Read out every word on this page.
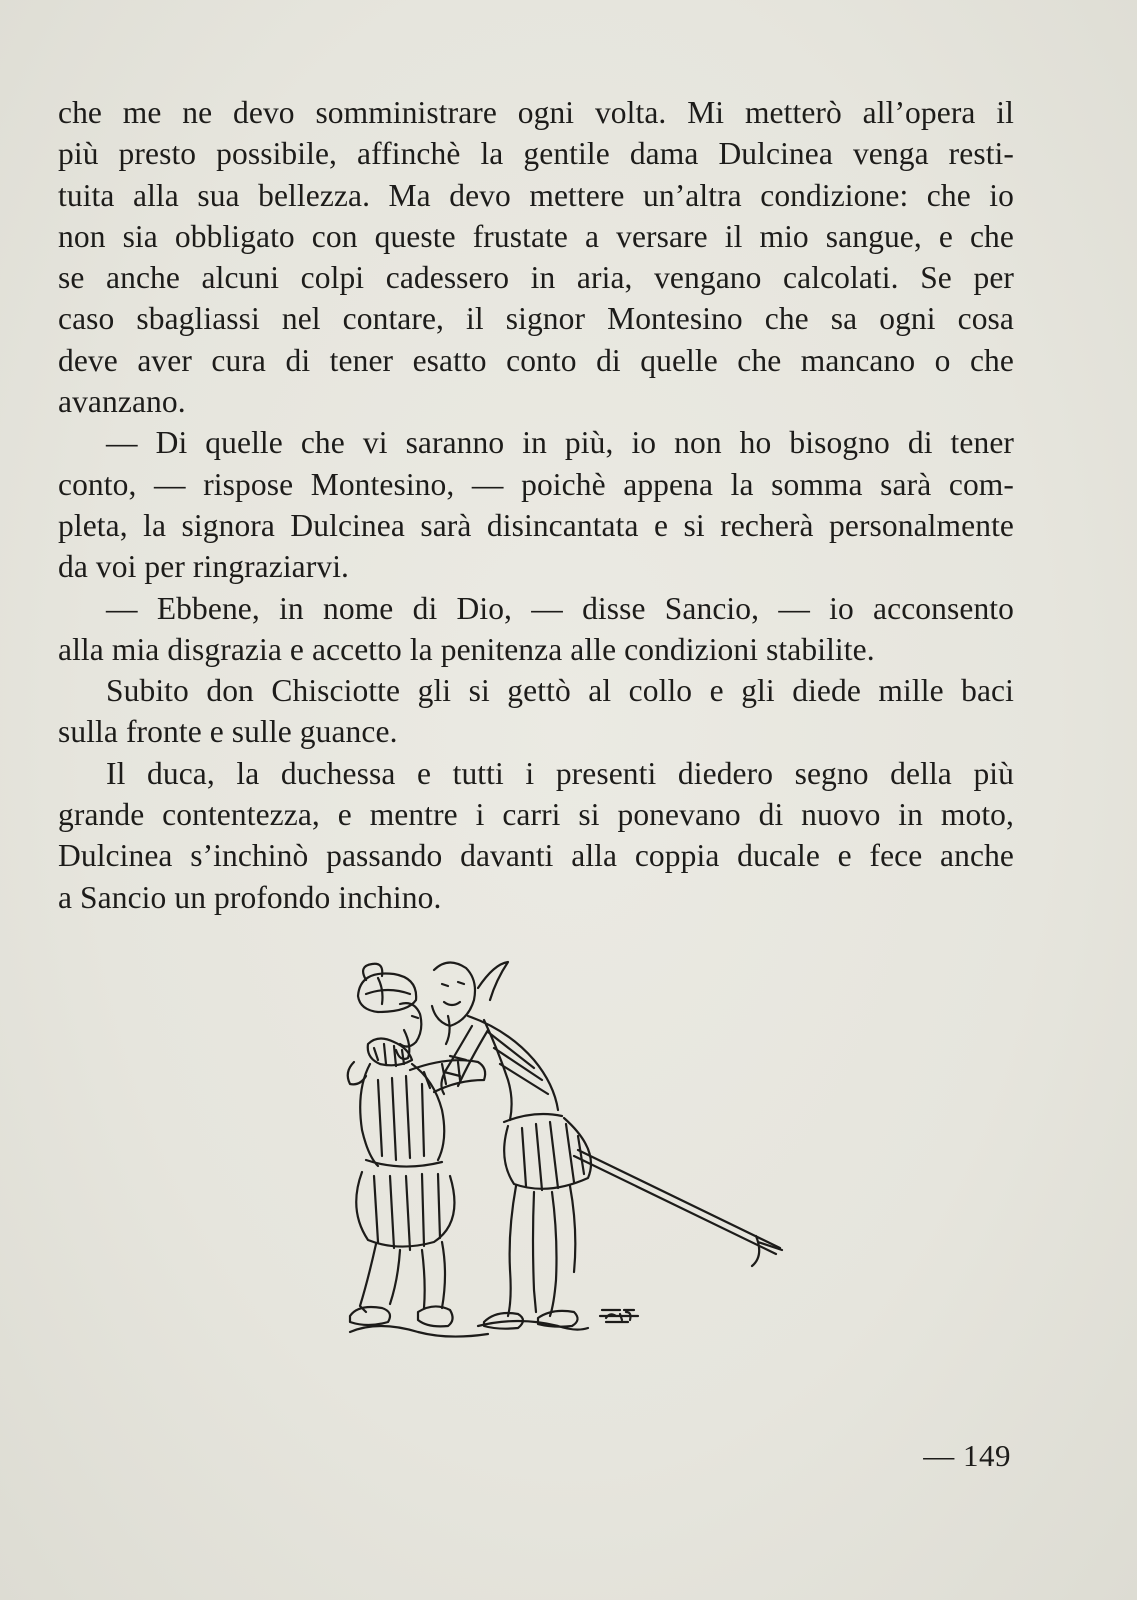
che me ne devo somministrare ogni volta. Mi metterò all’opera il
più presto possibile, affinchè la gentile dama Dulcinea venga resti-
tuita alla sua bellezza. Ma devo mettere un’altra condizione: che io
non sia obbligato con queste frustate a versare il mio sangue, e che
se anche alcuni colpi cadessero in aria, vengano calcolati. Se per
caso sbagliassi nel contare, il signor Montesino che sa ogni cosa
deve aver cura di tener esatto conto di quelle che mancano o che
avanzano.
— Di quelle che vi saranno in più, io non ho bisogno di tener
conto, — rispose Montesino, — poichè appena la somma sarà com-
pleta, la signora Dulcinea sarà disincantata e si recherà personalmente
da voi per ringraziarvi.
— Ebbene, in nome di Dio, — disse Sancio, — io acconsento
alla mia disgrazia e accetto la penitenza alle condizioni stabilite.
Subito don Chisciotte gli si gettò al collo e gli diede mille baci
sulla fronte e sulle guance.
Il duca, la duchessa e tutti i presenti diedero segno della più
grande contentezza, e mentre i carri si ponevano di nuovo in moto,
Dulcinea s’inchinò passando davanti alla coppia ducale e fece anche
a Sancio un profondo inchino.
— 149
